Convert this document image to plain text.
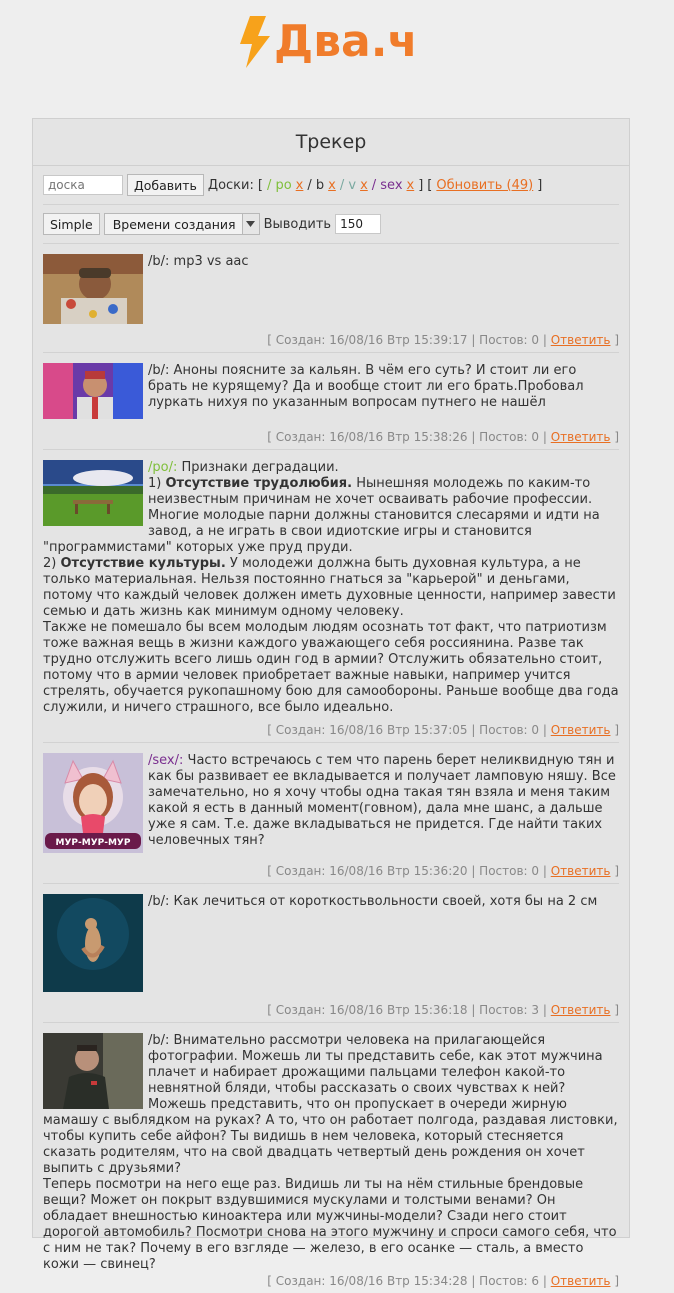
Два.ч
Трекер
доска
Добавить Доски: [ / po x / b x / v x / sex x ] [ Обновить (49) ]
Simple	Времени создания Выводить
150
/b/: mp3 vs aac
[ Создан: 16/08/16 Втр 15:39:17 | Постов: 0 | Ответить ]
/b/: Аноны поясните за кальян. В чём его суть? И стоит ли его брать не курящему? Да и вообще стоит ли его брать.Пробовал луркать нихуя по указанным вопросам путнего не нашёл
[ Создан: 16/08/16 Втр 15:38:26 | Постов: 0 | Ответить ]
/po/: Признаки деградации.
1) Отсутствие трудолюбия. Нынешняя молодежь по каким-то неизвестным причинам не хочет осваивать рабочие профессии. Многие молодые парни должны становится слесарями и идти на завод, а не играть в свои идиотские игры и становится "программистами" которых уже пруд пруди.
2) Отсутствие культуры. У молодежи должна быть духовная культура, а не только материальная. Нельзя постоянно гнаться за "карьерой" и деньгами, потому что каждый человек должен иметь духовные ценности, например завести семью и дать жизнь как минимум одному человеку.
Также не помешало бы всем молодым людям осознать тот факт, что патриотизм тоже важная вещь в жизни каждого уважающего себя россиянина. Разве так трудно отслужить всего лишь один год в армии? Отслужить обязательно стоит, потому что в армии человек приобретает важные навыки, например учится стрелять, обучается рукопашному бою для самообороны. Раньше вообще два года служили, и ничего страшного, все было идеально.
[ Создан: 16/08/16 Втр 15:37:05 | Постов: 0 | Ответить ]
МУР-МУР-МУР
/sex/: Часто встречаюсь с тем что парень берет неликвидную тян и как бы развивает ее вкладывается и получает ламповую няшу. Все замечательно, но я хочу чтобы одна такая тян взяла и меня таким какой я есть в данный момент(говном), дала мне шанс, а дальше уже я сам. Т.е. даже вкладываться не придется. Где найти таких человечных тян?
[ Создан: 16/08/16 Втр 15:36:20 | Постов: 0 | Ответить ]
/b/: Как лечиться от короткостьвольности своей, хотя бы на 2 см
[ Создан: 16/08/16 Втр 15:36:18 | Постов: 3 | Ответить ]
/b/: Внимательно рассмотри человека на прилагающейся фотографии. Можешь ли ты представить себе, как этот мужчина плачет и набирает дрожащими пальцами телефон какой-то невнятной бляди, чтобы рассказать о своих чувствах к ней? Можешь представить, что он пропускает в очереди жирную мамашу с выблядком на руках? А то, что он работает полгода, раздавая листовки, чтобы купить себе айфон? Ты видишь в нем человека, который стесняется сказать родителям, что на свой двадцать четвертый день рождения он хочет выпить с друзьями?
Теперь посмотри на него еще раз. Видишь ли ты на нём стильные брендовые вещи? Может он покрыт вздувшимися мускулами и толстыми венами? Он обладает внешностью киноактера или мужчины-модели? Сзади него стоит дорогой автомобиль? Посмотри снова на этого мужчину и спроси самого себя, что с ним не так? Почему в его взгляде — железо, в его осанке — сталь, а вместо кожи — свинец?
[ Создан: 16/08/16 Втр 15:34:28 | Постов: 6 | Ответить ]
